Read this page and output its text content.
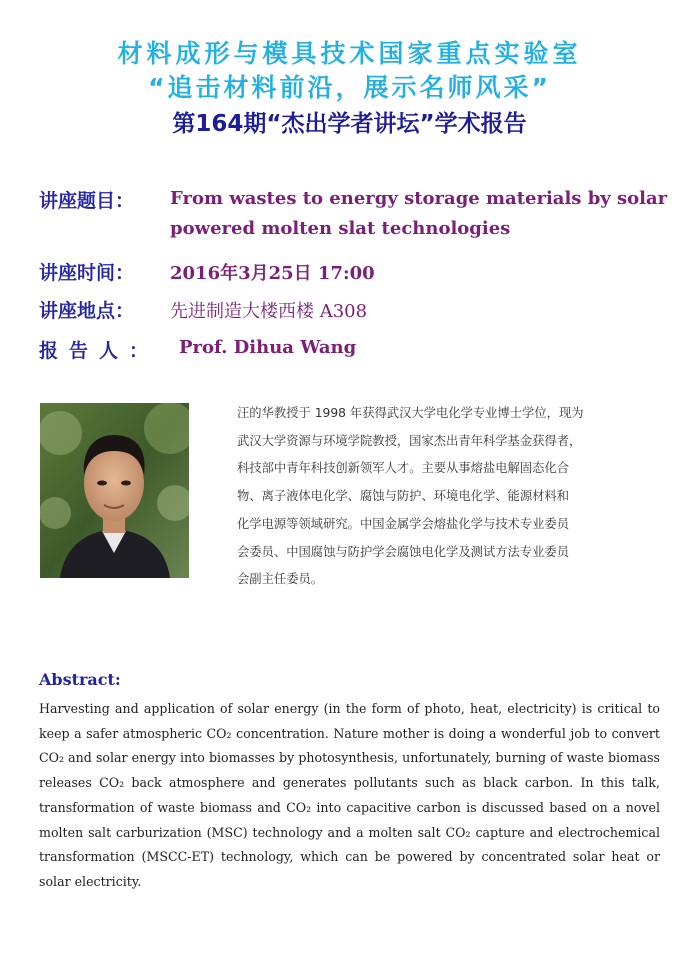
材料成形与模具技术国家重点实验室
“追击材料前沿，展示名师风采”
第164期“杰出学者讲坛”学术报告
讲座题目： From wastes to energy storage materials by solar
powered molten slat technologies
讲座时间： 2016年3月25日 17:00
讲座地点： 先进制造大楼西楼 A308
报告人： Prof. Dihua Wang
汪的华教授于 1998 年获得武汉大学电化学专业博士学位，现为
武汉大学资源与环境学院教授，国家杰出青年科学基金获得者，
科技部中青年科技创新领军人才。主要从事熔盐电解固态化合
物、离子液体电化学、腐蚀与防护、环境电化学、能源材料和
化学电源等领域研究。中国金属学会熔盐化学与技术专业委员
会委员、中国腐蚀与防护学会腐蚀电化学及测试方法专业委员
会副主任委员。
Abstract:

Harvesting and application of solar energy (in the form of photo, heat, electricity) is critical to keep a safer atmospheric CO₂ concentration. Nature mother is doing a wonderful job to convert CO₂ and solar energy into biomasses by photosynthesis, unfortunately, burning of waste biomass releases CO₂ back atmosphere and generates pollutants such as black carbon. In this talk, transformation of waste biomass and CO₂ into capacitive carbon is discussed based on a novel molten salt carburization (MSC) technology and a molten salt CO₂ capture and electrochemical transformation (MSCC-ET) technology, which can be powered by concentrated solar heat or solar electricity.
